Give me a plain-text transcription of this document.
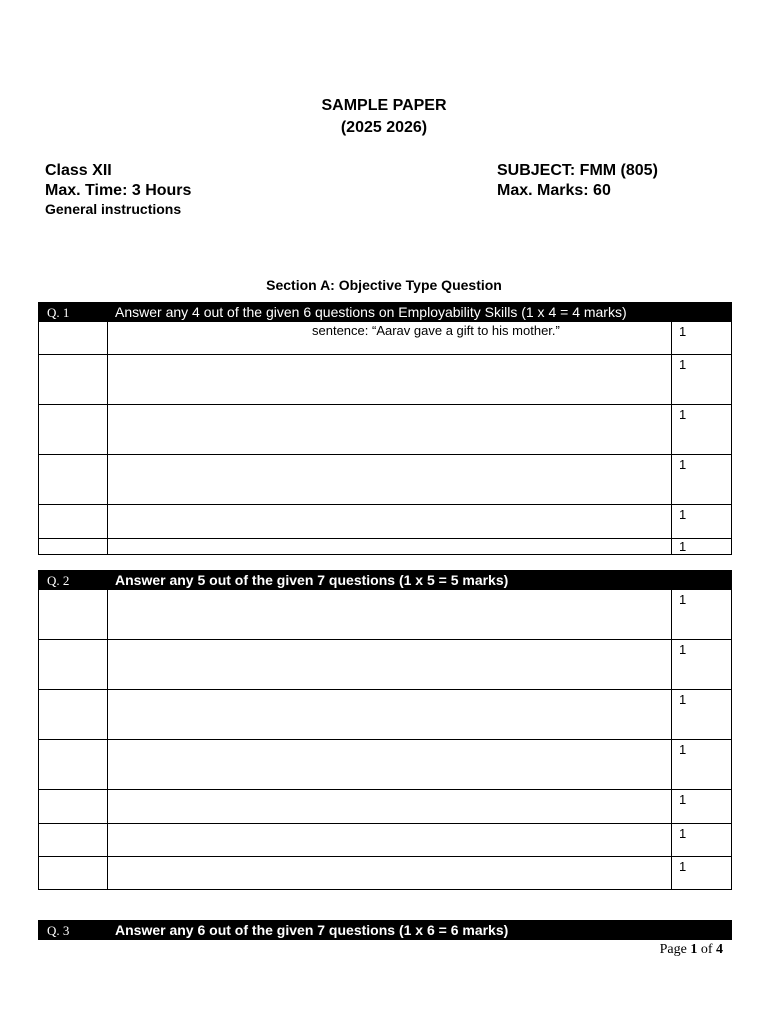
SAMPLE PAPER
(2025 2026)
Class XII	SUBJECT: FMM (805)
Max. Time: 3 Hours	Max. Marks: 60
General instructions
Section A: Objective Type Question
Q. 1	Answer any 4 out of the given 6 questions on Employability Skills (1 x 4 = 4 marks)	

	sentence: “Aarav gave a gift to his mother.”	1
		1
		1
		1
		1
		1
Q. 2	Answer any 5 out of the given 7 questions (1 x 5 = 5 marks)	
		1
		1
		1
		1
		1
		1
		1
Q. 3	Answer any 6 out of the given 7 questions (1 x 6 = 6 marks)
Page 1 of 4
